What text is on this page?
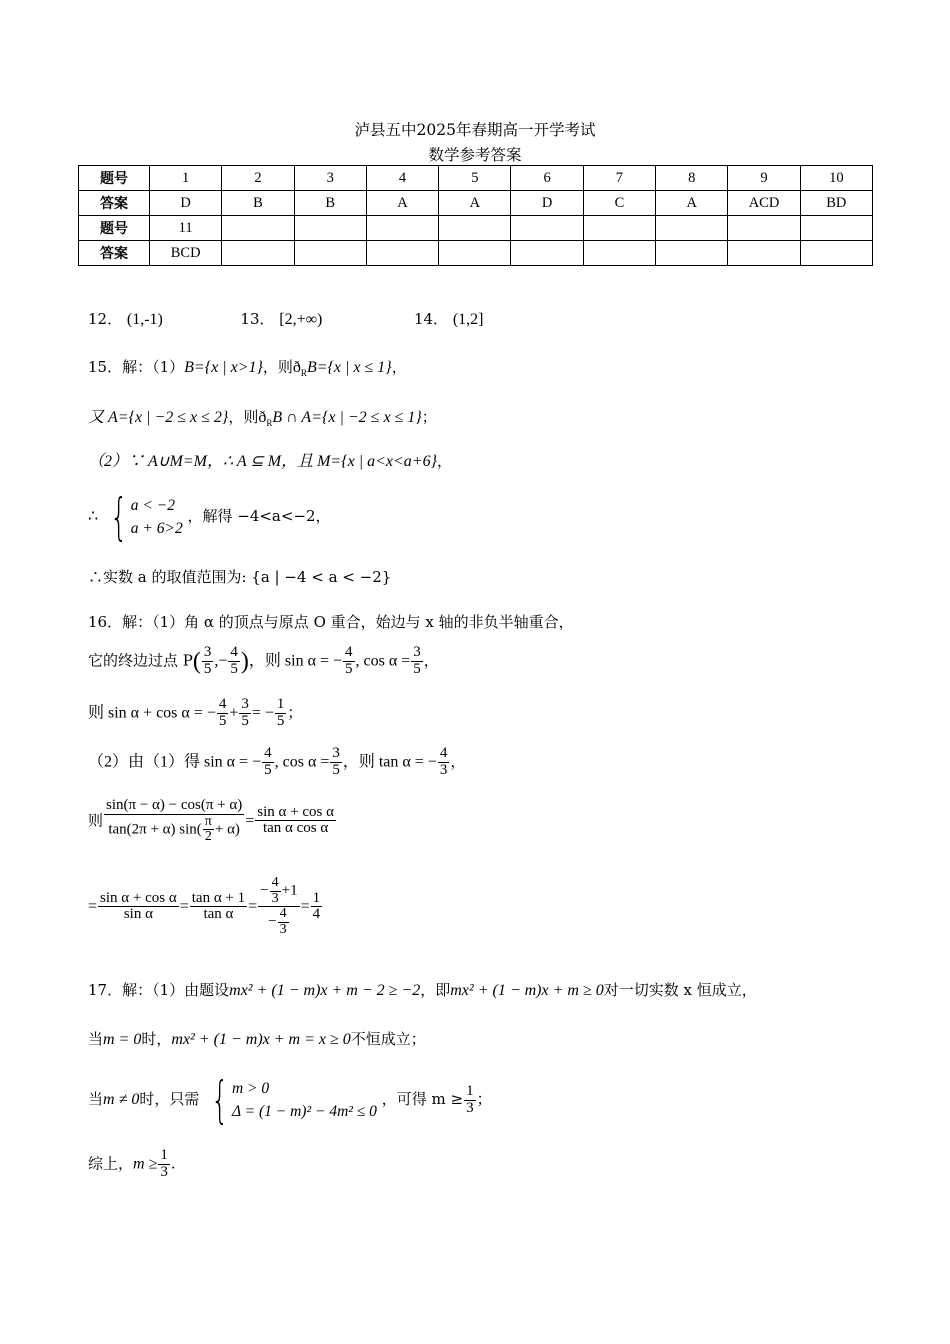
泸县五中2025年春期高一开学考试
数学参考答案
题号	1	2	3	4	5	6	7	8	9	10
答案	D	B	B	A	A	D	C	A	ACD	BD
题号	11									
答案	BCD									
12． (1,-1)	13． [2,+∞)	14． (1,2]
15．解：（1）B={x | x>1}，则$ð_RB=\{x$ | x ≤ 1}，
又 A={x | −2 ≤ x ≤ 2}，则$ð_RB$ ∩ A={x | −2 ≤ x ≤ 1}；
（2）∵ A∪M=M，∴ A ⊆ M，且 M={x | a<x<a+6}，
∴ { a < −2
a + 6>2
，解得 −4<a<−2，
∴实数 a 的取值范围为: {a | −4 < a < −2}
16．解：（1）角 α 的顶点与原点 O 重合，始边与 x 轴的非负半轴重合，
它的终边过点 $P( \frac{3}{5}$ ,− $\frac{4}{5}$ )，则 sin α = − $\frac{4}{5}$ , $\cos \alpha = \frac{3}{5}$ ，
则 sin α + cos α = − $\frac{4}{5} + \frac{3}{5}$ = − $\frac{1}{5}$ ；
（2）由（1）得 sin α = − $\frac{4}{5}$ , $\cos \alpha = \frac{3}{5}$ ，则 tan α = − $\frac{4}{3}$ ，
则 $\frac{\sin(\pi - \alpha) - \cos(\pi + \alpha)}{\tan(2\pi + \alpha) \sin( \frac{\pi}{2} + \alpha)} = \frac{\text{sin α + cos α}}{\text{tan α cos α}}$
= $\frac{\text{sin α + cos α}}{\text{sin α}} = \frac{\text{tan α + 1}}{\text{tan α}} = \frac{- \frac{4}{3} +1}{- \frac{4}{3}} = \frac{1}{4}$
17．解：（1）由题设mx² + (1 − m)x + m − 2 ≥ −2，即mx² + (1 − m)x + m ≥ 0对一切实数 x 恒成立，
当m = 0时，mx² + (1 − m)x + m = x ≥ 0不恒成立；
当m ≠ 0时，只需 { m > 0
Δ = (1 − m)² − 4m² ≤ 0
，可得 $m \ge \frac{1}{3}$ ；
综上，$m \ge \frac{1}{3}$ .
